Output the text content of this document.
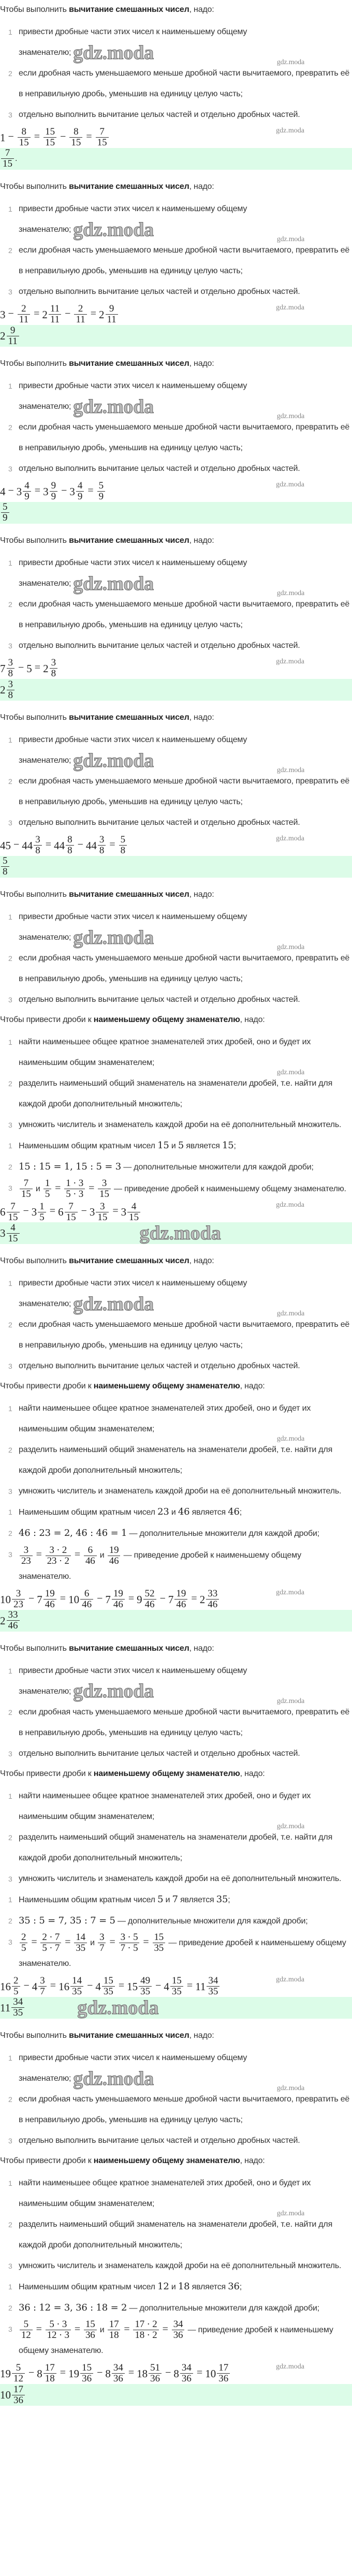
Чтобы выполнить вычитание смешанных чисел, надо:
1 привести дробные части этих чисел к наименьшему общему знаменателю; gdz.moda
2 если дробная часть уменьшаемого меньше дробной части вычитаемого, превратить её в неправильную дробь, уменьшив на единицу целую часть;
gdz.moda
3 отдельно выполнить вычитание целых частей и отдельно дробных частей.
$1 - \frac{8}{15} = \frac{15}{15} - \frac{8}{15} = \frac{7}{15}$	gdz.moda
$\frac{7}{15}$ .
Чтобы выполнить вычитание смешанных чисел, надо:
1 привести дробные части этих чисел к наименьшему общему знаменателю; gdz.moda
2 если дробная часть уменьшаемого меньше дробной части вычитаемого, превратить её в неправильную дробь, уменьшив на единицу целую часть;
gdz.moda
3 отдельно выполнить вычитание целых частей и отдельно дробных частей.
$3 - \frac{2}{11} = 2 \frac{11}{11} - \frac{2}{11} = 2 \frac{9}{11}$	gdz.moda
$2 \frac{9}{11}$
Чтобы выполнить вычитание смешанных чисел, надо:
1 привести дробные части этих чисел к наименьшему общему знаменателю; gdz.moda
2 если дробная часть уменьшаемого меньше дробной части вычитаемого, превратить её в неправильную дробь, уменьшив на единицу целую часть;
gdz.moda
3 отдельно выполнить вычитание целых частей и отдельно дробных частей.
$4 - 3 \frac{4}{9} = 3 \frac{9}{9} - 3 \frac{4}{9} = \frac{5}{9}$	gdz.moda
$\frac{5}{9}$
Чтобы выполнить вычитание смешанных чисел, надо:
1 привести дробные части этих чисел к наименьшему общему знаменателю; gdz.moda
2 если дробная часть уменьшаемого меньше дробной части вычитаемого, превратить её в неправильную дробь, уменьшив на единицу целую часть;
gdz.moda
3 отдельно выполнить вычитание целых частей и отдельно дробных частей.
$7 \frac{3}{8} - 5 = 2 \frac{3}{8}$	gdz.moda
$2 \frac{3}{8}$
Чтобы выполнить вычитание смешанных чисел, надо:
1 привести дробные части этих чисел к наименьшему общему знаменателю; gdz.moda
2 если дробная часть уменьшаемого меньше дробной части вычитаемого, превратить её в неправильную дробь, уменьшив на единицу целую часть;
gdz.moda
3 отдельно выполнить вычитание целых частей и отдельно дробных частей.
$45 - 44 \frac{3}{8} = 44 \frac{8}{8} - 44 \frac{3}{8} = \frac{5}{8}$	gdz.moda
$\frac{5}{8}$
Чтобы выполнить вычитание смешанных чисел, надо:
1 привести дробные части этих чисел к наименьшему общему знаменателю; gdz.moda
2 если дробная часть уменьшаемого меньше дробной части вычитаемого, превратить её в неправильную дробь, уменьшив на единицу целую часть;
gdz.moda
3 отдельно выполнить вычитание целых частей и отдельно дробных частей.
Чтобы привести дроби к наименьшему общему знаменателю, надо:
1 найти наименьшее общее кратное знаменателей этих дробей, оно и будет их наименьшим общим знаменателем;
2 разделить наименьший общий знаменатель на знаменатели дробей, т.е. найти для каждой дроби дополнительный множитель;
gdz.moda
3 умножить числитель и знаменатель каждой дроби на её дополнительный множитель.
1 Наименьшим общим кратным чисел 15 и 5 является 15;
2 15 : 15 = 1, 15 : 5 = 3 — дополнительные множители для каждой дроби;
$3 \frac{7}{15}$ и $\frac{1}{5} = \frac{1 \cdot 3}{5 \cdot 3} = \frac{3}{15}$ — приведение дробей к наименьшему общему знаменателю.
$6 \frac{7}{15} - 3 \frac{1}{5} = 6 \frac{7}{15} - 3 \frac{3}{15} = 3 \frac{4}{15}$	gdz.moda
$3 \frac{4}{15}$	gdz.moda
Чтобы выполнить вычитание смешанных чисел, надо:
1 привести дробные части этих чисел к наименьшему общему знаменателю; gdz.moda
2 если дробная часть уменьшаемого меньше дробной части вычитаемого, превратить её в неправильную дробь, уменьшив на единицу целую часть;
gdz.moda
3 отдельно выполнить вычитание целых частей и отдельно дробных частей.
Чтобы привести дроби к наименьшему общему знаменателю, надо:
1 найти наименьшее общее кратное знаменателей этих дробей, оно и будет их наименьшим общим знаменателем;
2 разделить наименьший общий знаменатель на знаменатели дробей, т.е. найти для каждой дроби дополнительный множитель;
gdz.moda
3 умножить числитель и знаменатель каждой дроби на её дополнительный множитель.
1 Наименьшим общим кратным чисел 23 и 46 является 46;
2 46 : 23 = 2, 46 : 46 = 1 — дополнительные множители для каждой дроби;
$3 \frac{3}{23} = \frac{3 \cdot 2}{23 \cdot 2} = \frac{6}{46}$ и $\frac{19}{46}$ — приведение дробей к наименьшему общему знаменателю.
$10 \frac{3}{23} - 7 \frac{19}{46} = 10 \frac{6}{46} - 7 \frac{19}{46} = 9 \frac{52}{46} - 7 \frac{19}{46} = 2 \frac{33}{46}$	gdz.moda
$2 \frac{33}{46}$
Чтобы выполнить вычитание смешанных чисел, надо:
1 привести дробные части этих чисел к наименьшему общему знаменателю; gdz.moda
2 если дробная часть уменьшаемого меньше дробной части вычитаемого, превратить её в неправильную дробь, уменьшив на единицу целую часть;
gdz.moda
3 отдельно выполнить вычитание целых частей и отдельно дробных частей.
Чтобы привести дроби к наименьшему общему знаменателю, надо:
1 найти наименьшее общее кратное знаменателей этих дробей, оно и будет их наименьшим общим знаменателем;
2 разделить наименьший общий знаменатель на знаменатели дробей, т.е. найти для каждой дроби дополнительный множитель;
gdz.moda
3 умножить числитель и знаменатель каждой дроби на её дополнительный множитель.
1 Наименьшим общим кратным чисел 5 и 7 является 35;
2 35 : 5 = 7, 35 : 7 = 5 — дополнительные множители для каждой дроби;
$3 \frac{2}{5} = \frac{2 \cdot 7}{5 \cdot 7} = \frac{14}{35}$ и $\frac{3}{7} = \frac{3 \cdot 5}{7 \cdot 5} = \frac{15}{35}$ — приведение дробей к наименьшему общему знаменателю.
$16 \frac{2}{5} - 4 \frac{3}{7} = 16 \frac{14}{35} - 4 \frac{15}{35} = 15 \frac{49}{35} - 4 \frac{15}{35} = 11 \frac{34}{35}$	gdz.moda
$11 \frac{34}{35}$	gdz.moda
Чтобы выполнить вычитание смешанных чисел, надо:
1 привести дробные части этих чисел к наименьшему общему знаменателю; gdz.moda
2 если дробная часть уменьшаемого меньше дробной части вычитаемого, превратить её в неправильную дробь, уменьшив на единицу целую часть;
gdz.moda
3 отдельно выполнить вычитание целых частей и отдельно дробных частей.
Чтобы привести дроби к наименьшему общему знаменателю, надо:
1 найти наименьшее общее кратное знаменателей этих дробей, оно и будет их наименьшим общим знаменателем;
2 разделить наименьший общий знаменатель на знаменатели дробей, т.е. найти для каждой дроби дополнительный множитель;
gdz.moda
3 умножить числитель и знаменатель каждой дроби на её дополнительный множитель.
1 Наименьшим общим кратным чисел 12 и 18 является 36;
2 36 : 12 = 3, 36 : 18 = 2 — дополнительные множители для каждой дроби;
$3 \frac{5}{12} = \frac{5 \cdot 3}{12 \cdot 3} = \frac{15}{36}$ и $\frac{17}{18} = \frac{17 \cdot 2}{18 \cdot 2} = \frac{34}{36}$ — приведение дробей к наименьшему общему знаменателю.
$19 \frac{5}{12} - 8 \frac{17}{18} = 19 \frac{15}{36} - 8 \frac{34}{36} = 18 \frac{51}{36} - 8 \frac{34}{36} = 10 \frac{17}{36}$	gdz.moda
$10 \frac{17}{36}$
